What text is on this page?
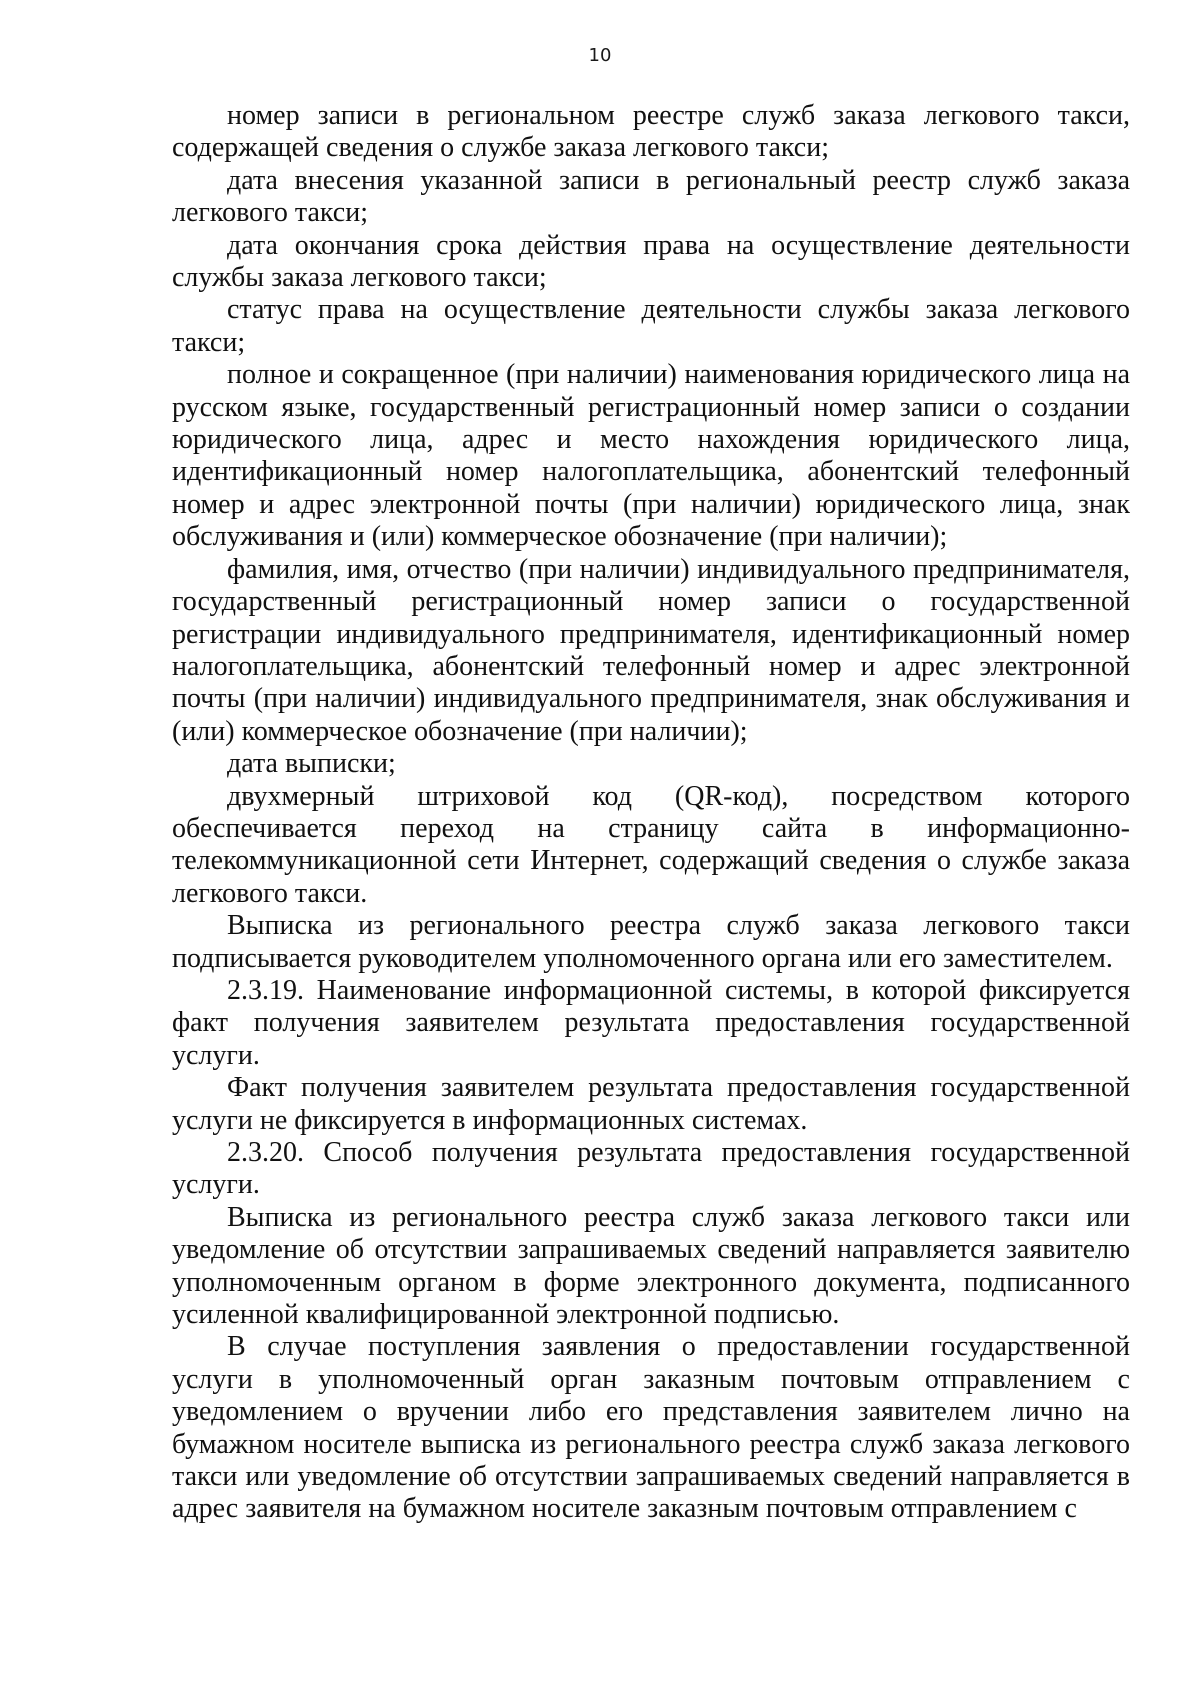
10

номер записи в региональном реестре служб заказа легкового такси, содержащей сведения о службе заказа легкового такси;

дата внесения указанной записи в региональный реестр служб заказа легкового такси;

дата окончания срока действия права на осуществление деятельности службы заказа легкового такси;

статус права на осуществление деятельности службы заказа легкового такси;

полное и сокращенное (при наличии) наименования юридического лица на русском языке, государственный регистрационный номер записи о создании юридического лица, адрес и место нахождения юридического лица, идентификационный номер налогоплательщика, абонентский телефонный номер и адрес электронной почты (при наличии) юридического лица, знак обслуживания и (или) коммерческое обозначение (при наличии);

фамилия, имя, отчество (при наличии) индивидуального предпринимателя, государственный регистрационный номер записи о государственной регистрации индивидуального предпринимателя, идентификационный номер налогоплательщика, абонентский телефонный номер и адрес электронной почты (при наличии) индивидуального предпринимателя, знак обслуживания и (или) коммерческое обозначение (при наличии);

дата выписки;

двухмерный штриховой код (QR-код), посредством которого обеспечивается переход на страницу сайта в информационно-телекоммуникационной сети Интернет, содержащий сведения о службе заказа легкового такси.

Выписка из регионального реестра служб заказа легкового такси подписывается руководителем уполномоченного органа или его заместителем.

2.3.19. Наименование информационной системы, в которой фиксируется факт получения заявителем результата предоставления государственной услуги.

Факт получения заявителем результата предоставления государственной услуги не фиксируется в информационных системах.

2.3.20. Способ получения результата предоставления государственной услуги.

Выписка из регионального реестра служб заказа легкового такси или уведомление об отсутствии запрашиваемых сведений направляется заявителю уполномоченным органом в форме электронного документа, подписанного усиленной квалифицированной электронной подписью.

В случае поступления заявления о предоставлении государственной услуги в уполномоченный орган заказным почтовым отправлением с уведомлением о вручении либо его представления заявителем лично на бумажном носителе выписка из регионального реестра служб заказа легкового такси или уведомление об отсутствии запрашиваемых сведений направляется в адрес заявителя на бумажном носителе заказным почтовым отправлением с
